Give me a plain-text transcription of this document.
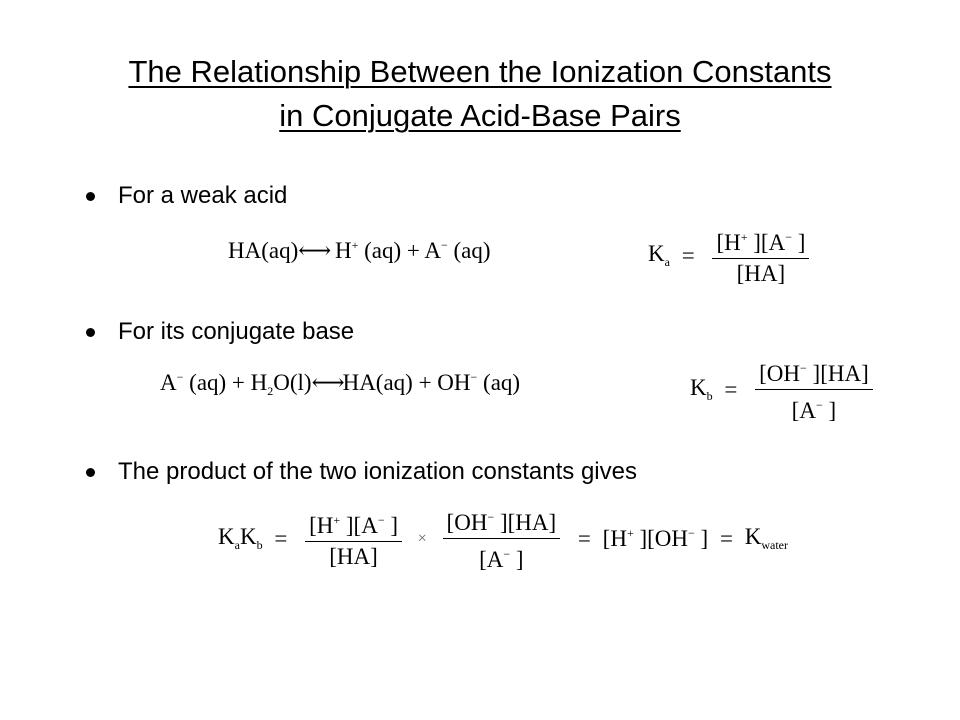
The Relationship Between the Ionization Constants
in Conjugate Acid-Base Pairs
For a weak acid
HA(aq)⟷ H+ (aq) + A− (aq)	$K_a = \frac{[H^+ ][A^- ]}{[HA]}$
For its conjugate base
A− $(aq) + H_2O(l)⟷HA(aq) + OH^-$ (aq)	$K_b = \frac{[OH^- ][HA]}{[A^- ]}$
The product of the two ionization constants gives
$K_aK_b = \frac{[H^+ ][A^- ]}{[HA]} \times \frac{[OH^- ][HA]}{[A^- ]} = [H^+$ ][OH− ] = $K_{water}$
